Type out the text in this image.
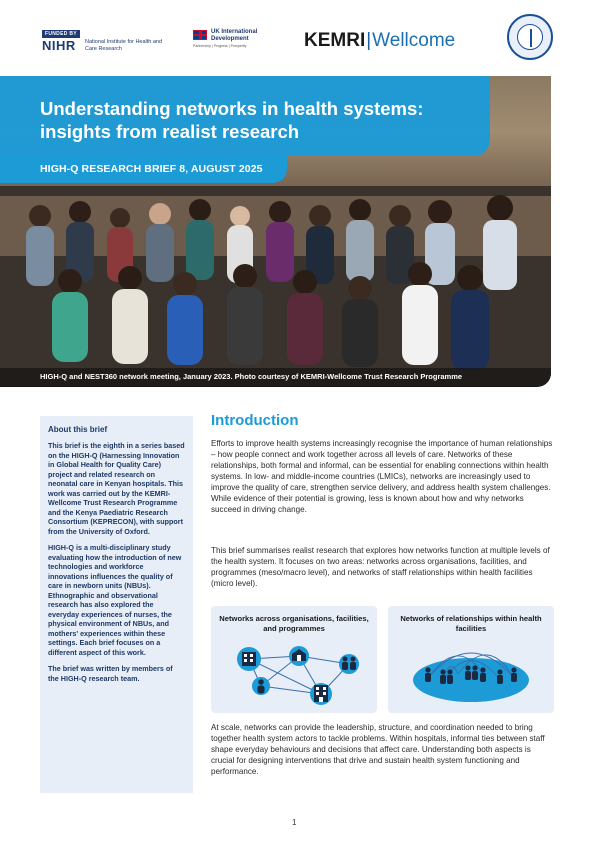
FUNDED BY
NIHR National Institute for Health and Care Research
UK International Development
Partnership | Progress | Prosperity	KEMRI|Wellcome
Understanding networks in health systems: insights from realist research
HIGH-Q RESEARCH BRIEF 8, AUGUST 2025
HIGH-Q and NEST360 network meeting, January 2023. Photo courtesy of KEMRI-Wellcome Trust Research Programme
About this brief

This brief is the eighth in a series based on the HIGH-Q (Harnessing Innovation in Global Health for Quality Care) project and related research on neonatal care in Kenyan hospitals. This work was carried out by the KEMRI-Wellcome Trust Research Programme and the Kenya Paediatric Research Consortium (KEPRECON), with support from the University of Oxford.

HIGH-Q is a multi-disciplinary study evaluating how the introduction of new technologies and workforce innovations influences the quality of care in newborn units (NBUs). Ethnographic and observational research has also explored the everyday experiences of nurses, the physical environment of NBUs, and mothers' experiences within these settings. Each brief focuses on a different aspect of this work.

The brief was written by members of the HIGH-Q research team.

Introduction

Efforts to improve health systems increasingly recognise the importance of human relationships – how people connect and work together across all levels of care. Networks of these relationships, both formal and informal, can be essential for enabling connections within health systems. In low- and middle-income countries (LMICs), networks are increasingly used to improve the quality of care, strengthen service delivery, and address health system challenges. While evidence of their potential is growing, less is known about how and why networks succeed in driving change.

This brief summarises realist research that explores how networks function at multiple levels of the health system. It focuses on two areas: networks across organisations, facilities, and programmes (meso/macro level), and networks of staff relationships within health facilities (micro level).

Networks across organisations, facilities, and programmes
Networks of relationships within health facilities

At scale, networks can provide the leadership, structure, and coordination needed to bring together health system actors to tackle problems. Within hospitals, informal ties between staff shape everyday behaviours and decisions that affect care. Understanding both aspects is crucial for designing interventions that drive and sustain health system functioning and performance.

1
